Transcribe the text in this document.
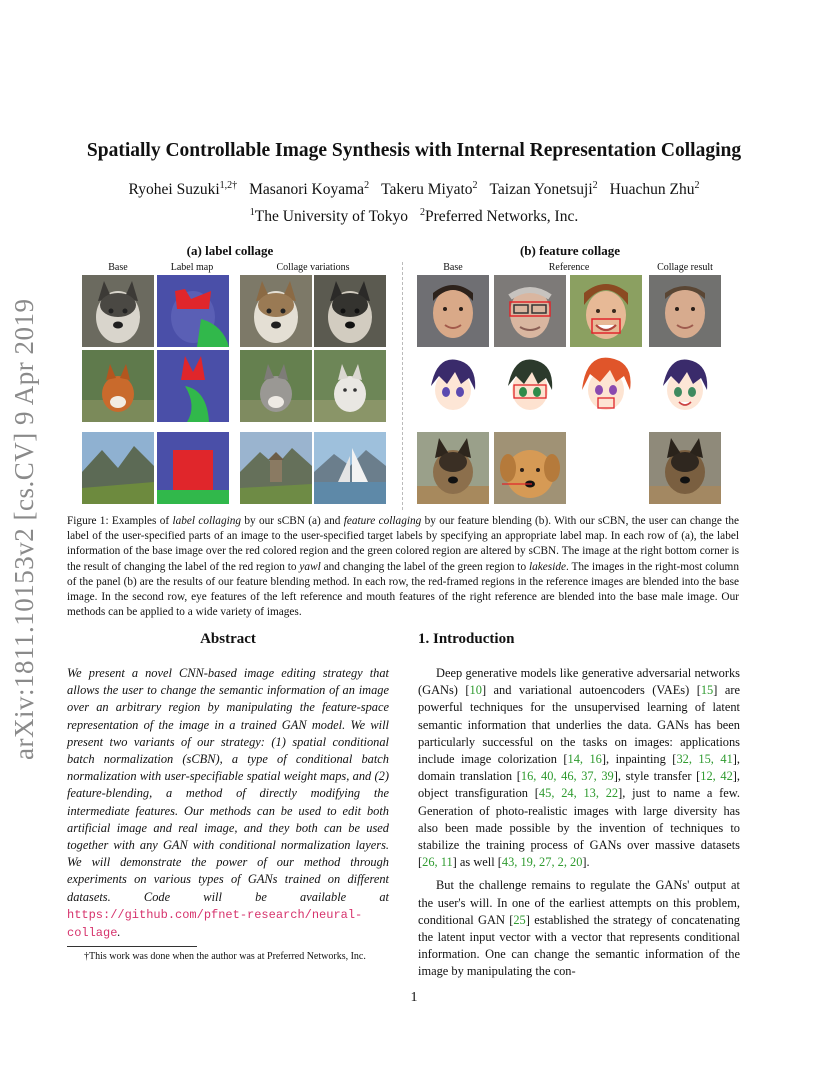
arXiv:1811.10153v2 [cs.CV] 9 Apr 2019
Spatially Controllable Image Synthesis with Internal Representation Collaging
Ryohei Suzuki$^{1,2\dagger}$ Masanori Koyama$^2$ Takeru Miyato$^2$ Taizan Yonetsuji$^2$ Huachun Zhu$^2$
$^1$The University of Tokyo $^2$Preferred Networks, Inc.
(a) label collage	(b) feature collage
Base	Label map	Collage variations	Base	Reference	Collage result
Figure 1: Examples of label collaging by our sCBN (a) and feature collaging by our feature blending (b). With our sCBN, the user can change the label of the user-specified parts of an image to the user-specified target labels by specifying an appropriate label map. In each row of (a), the label information of the base image over the red colored region and the green colored region are altered by sCBN. The image at the right bottom corner is the result of changing the label of the red region to yawl and changing the label of the green region to lakeside. The images in the right-most column of the panel (b) are the results of our feature blending method. In each row, the red-framed regions in the reference images are blended into the base image. In the second row, eye features of the left reference and mouth features of the right reference are blended into the base male image. Our methods can be applied to a wide variety of images.
Abstract
We present a novel CNN-based image editing strategy that allows the user to change the semantic information of an image over an arbitrary region by manipulating the feature-space representation of the image in a trained GAN model. We will present two variants of our strategy: (1) spatial conditional batch normalization (sCBN), a type of conditional batch normalization with user-specifiable spatial weight maps, and (2) feature-blending, a method of directly modifying the intermediate features. Our methods can be used to edit both artificial image and real image, and they both can be used together with any GAN with conditional normalization layers. We will demonstrate the power of our method through experiments on various types of GANs trained on different datasets. Code will be available at https://github.com/pfnet-research/neural-collage.
†This work was done when the author was at Preferred Networks, Inc.
1. Introduction

Deep generative models like generative adversarial networks (GANs) [10] and variational autoencoders (VAEs) [15] are powerful techniques for the unsupervised learning of latent semantic information that underlies the data. GANs has been particularly successful on the tasks on images: applications include image colorization [14, 16], inpainting [32, 15, 41], domain translation [16, 40, 46, 37, 39], style transfer [12, 42], object transfiguration [45, 24, 13, 22], just to name a few. Generation of photo-realistic images with large diversity has also been made possible by the invention of techniques to stabilize the training process of GANs over massive datasets [26, 11] as well [43, 19, 27, 2, 20].

But the challenge remains to regulate the GANs' output at the user's will. In one of the earliest attempts on this problem, conditional GAN [25] established the strategy of concatenating the latent input vector with a vector that represents conditional information. One can change the semantic information of the image by manipulating the con-

1
